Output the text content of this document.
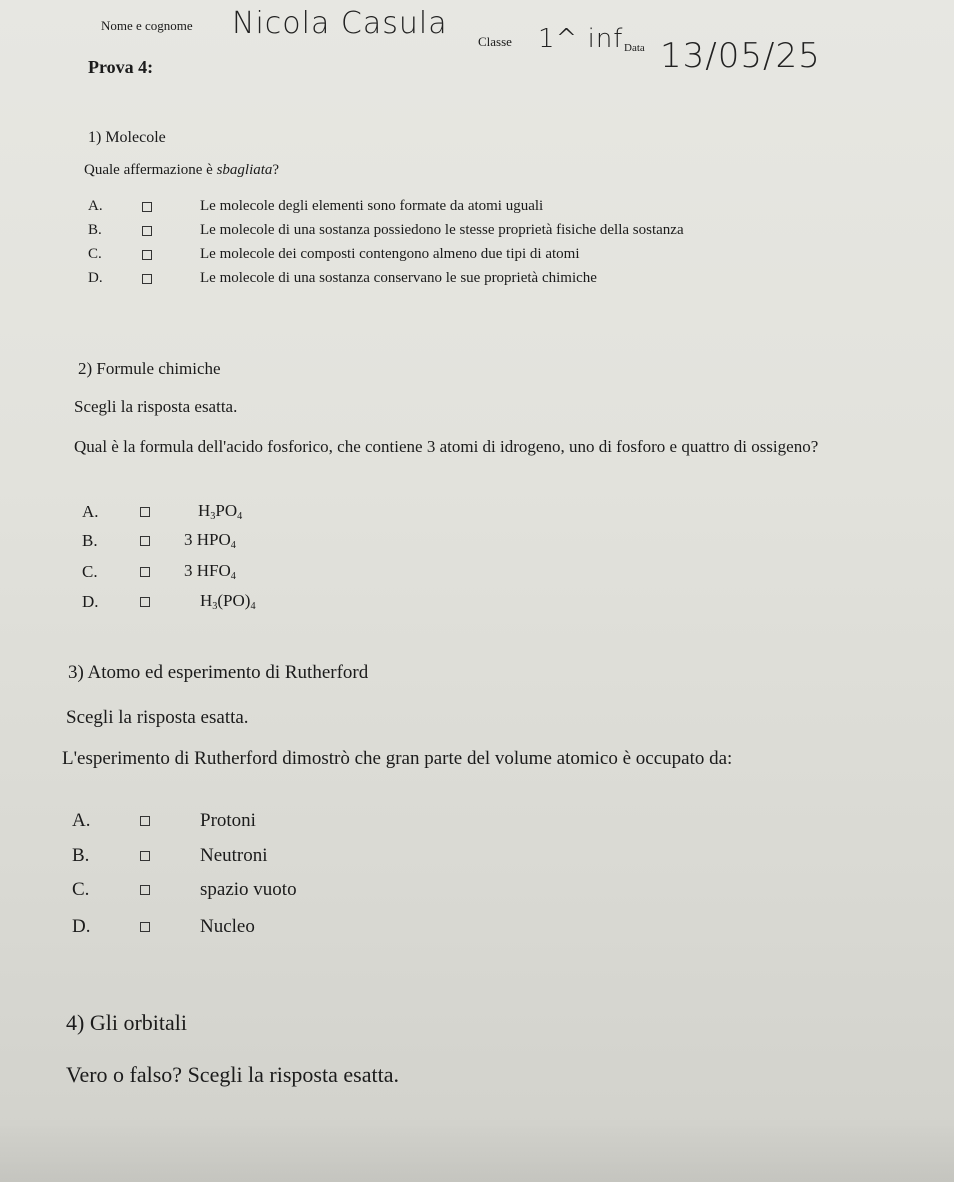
Nome e cognome Nicola Casula
Classe 1^ inf Data 13/05/25
Prova 4:
1) Molecole
Quale affermazione è sbagliata?
A.	Le molecole degli elementi sono formate da atomi uguali
B.	Le molecole di una sostanza possiedono le stesse proprietà fisiche della sostanza
C.	Le molecole dei composti contengono almeno due tipi di atomi
D.	Le molecole di una sostanza conservano le sue proprietà chimiche
2) Formule chimiche
Scegli la risposta esatta.
Qual è la formula dell'acido fosforico, che contiene 3 atomi di idrogeno, uno di fosforo e quattro di ossigeno?
A.	$H_3PO_4$
B.	3 $HPO_4$
C.	3 $HFO_4$
D.	$H_3(PO)_4$
3) Atomo ed esperimento di Rutherford
Scegli la risposta esatta.
L'esperimento di Rutherford dimostrò che gran parte del volume atomico è occupato da:
A.	Protoni
B.	Neutroni
C.	spazio vuoto
D.	Nucleo
4) Gli orbitali
Vero o falso? Scegli la risposta esatta.
